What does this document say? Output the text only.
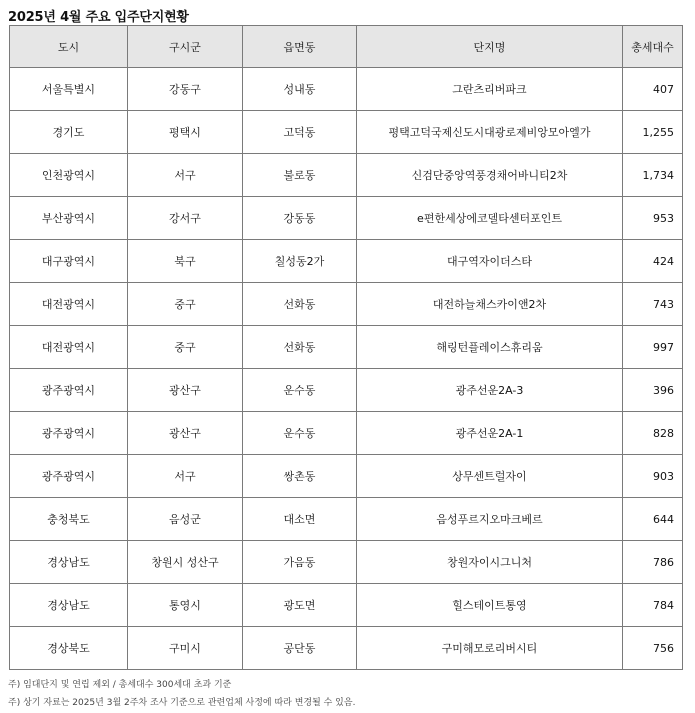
2025년 4월 주요 입주단지현황
도시	구시군	읍면동	단지명	총세대수
서울특별시	강동구	성내동	그란츠리버파크	407
경기도	평택시	고덕동	평택고덕국제신도시대광로제비앙모아엘가	1,255
인천광역시	서구	불로동	신검단중앙역풍경채어바니티2차	1,734
부산광역시	강서구	강동동	e편한세상에코델타센터포인트	953
대구광역시	북구	칠성동2가	대구역자이더스타	424
대전광역시	중구	선화동	대전하늘채스카이앤2차	743
대전광역시	중구	선화동	해링턴플레이스휴리움	997
광주광역시	광산구	운수동	광주선운2A-3	396
광주광역시	광산구	운수동	광주선운2A-1	828
광주광역시	서구	쌍촌동	상무센트럴자이	903
충청북도	음성군	대소면	음성푸르지오마크베르	644
경상남도	창원시 성산구	가음동	창원자이시그니처	786
경상남도	통영시	광도면	힐스테이트통영	784
경상북도	구미시	공단동	구미해모로리버시티	756
주) 임대단지 및 연립 제외 / 총세대수 300세대 초과 기준
주) 상기 자료는 2025년 3월 2주차 조사 기준으로 관련업체 사정에 따라 변경될 수 있음.
